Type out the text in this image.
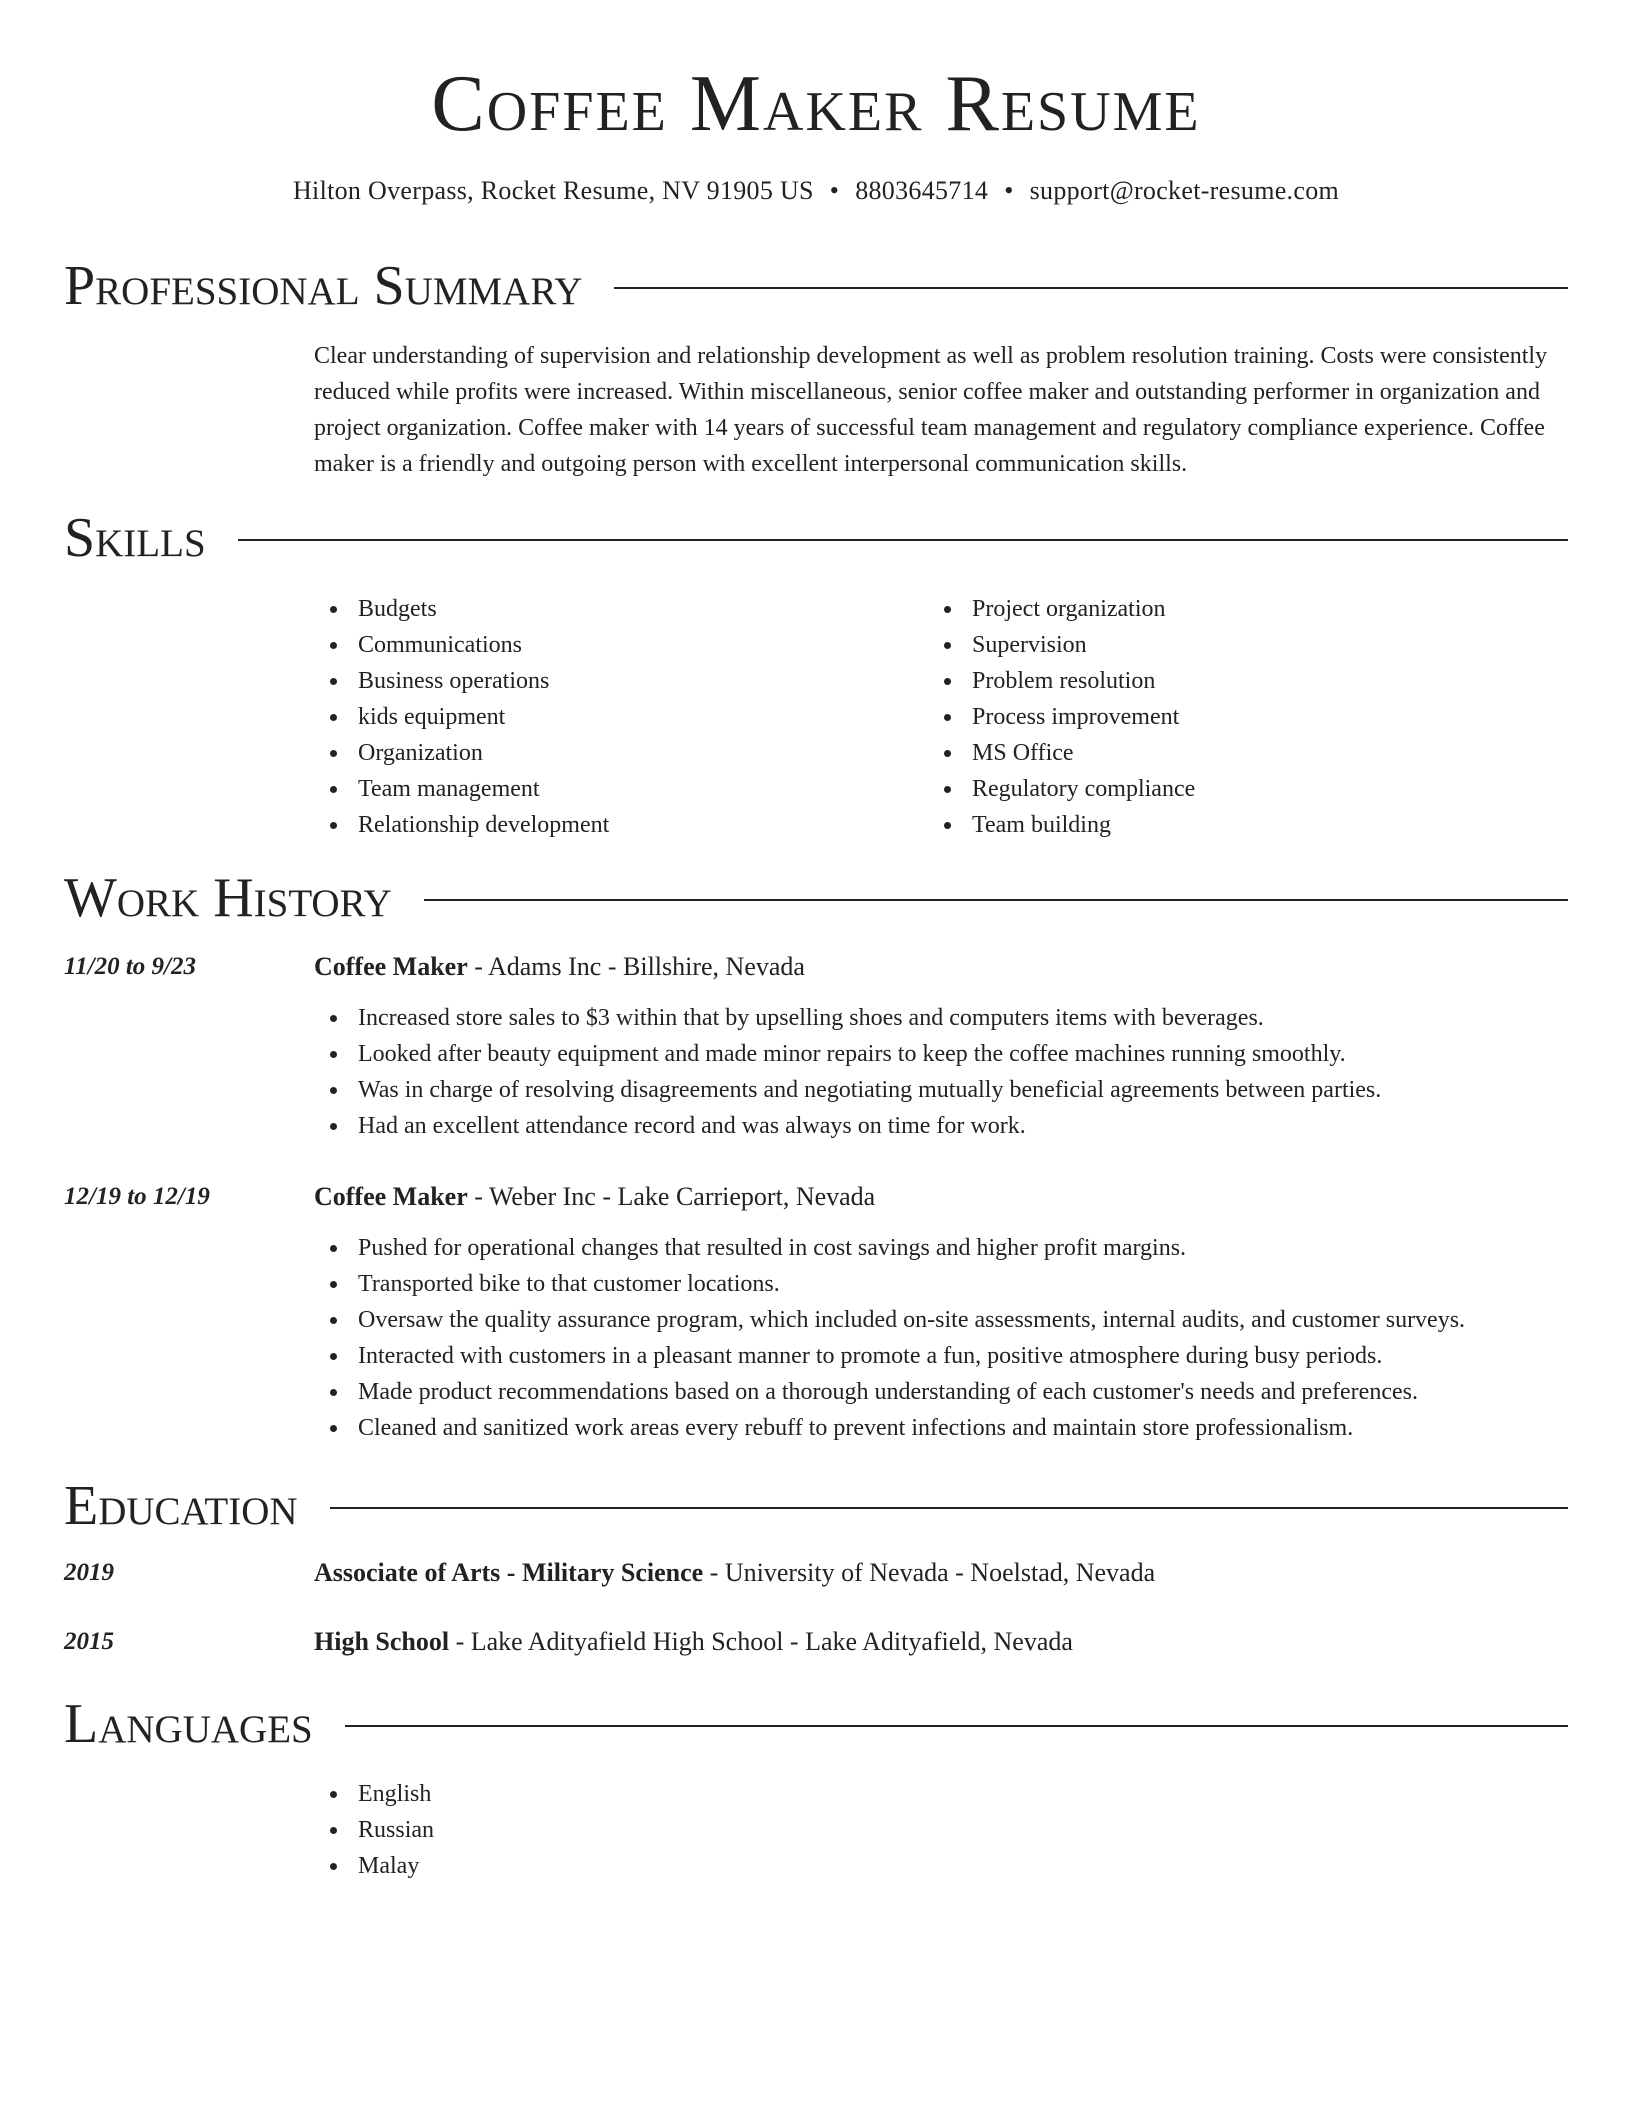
Coffee Maker Resume
Hilton Overpass, Rocket Resume, NV 91905 US • 8803645714 • support@rocket-resume.com
Professional Summary

Clear understanding of supervision and relationship development as well as problem resolution training. Costs were consistently reduced while profits were increased. Within miscellaneous, senior coffee maker and outstanding performer in organization and project organization. Coffee maker with 14 years of successful team management and regulatory compliance experience. Coffee maker is a friendly and outgoing person with excellent interpersonal communication skills.

Skills
Budgets
Communications
Business operations
kids equipment
Organization
Team management
Relationship development
Project organization
Supervision
Problem resolution
Process improvement
MS Office
Regulatory compliance
Team building
Work History
11/20 to 9/23	Coffee Maker - Adams Inc - Billshire, Nevada
Increased store sales to $3 within that by upselling shoes and computers items with beverages.
Looked after beauty equipment and made minor repairs to keep the coffee machines running smoothly.
Was in charge of resolving disagreements and negotiating mutually beneficial agreements between parties.
Had an excellent attendance record and was always on time for work.
12/19 to 12/19	Coffee Maker - Weber Inc - Lake Carrieport, Nevada
Pushed for operational changes that resulted in cost savings and higher profit margins.
Transported bike to that customer locations.
Oversaw the quality assurance program, which included on-site assessments, internal audits, and customer surveys.
Interacted with customers in a pleasant manner to promote a fun, positive atmosphere during busy periods.
Made product recommendations based on a thorough understanding of each customer's needs and preferences.
Cleaned and sanitized work areas every rebuff to prevent infections and maintain store professionalism.
Education
2019	Associate of Arts - Military Science - University of Nevada - Noelstad, Nevada
2015	High School - Lake Adityafield High School - Lake Adityafield, Nevada
Languages
English
Russian
Malay
